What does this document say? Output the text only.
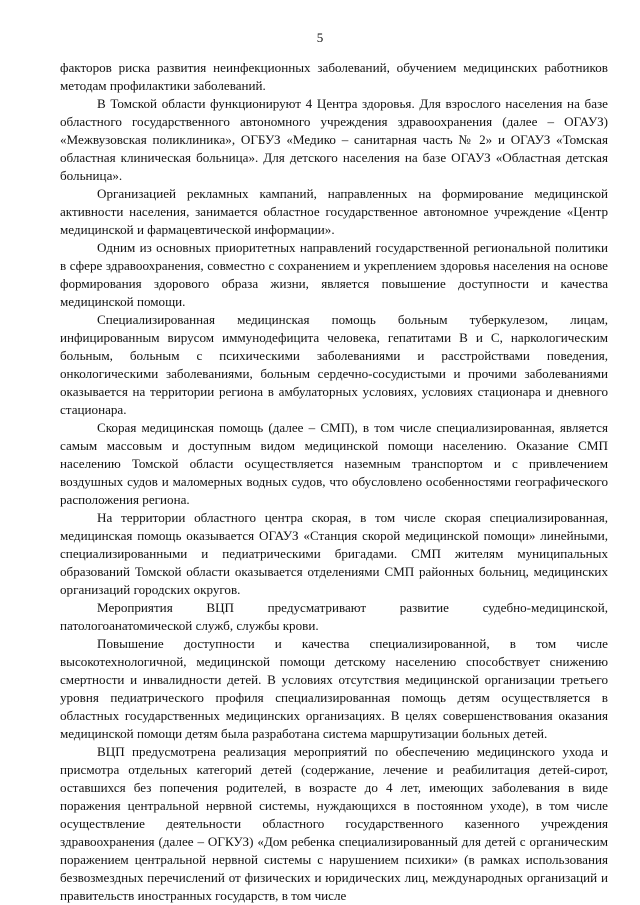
5

факторов риска развития неинфекционных заболеваний, обучением медицинских работников методам профилактики заболеваний.

В Томской области функционируют 4 Центра здоровья. Для взрослого населения на базе областного государственного автономного учреждения здравоохранения (далее – ОГАУЗ) «Межвузовская поликлиника», ОГБУЗ «Медико – санитарная часть № 2» и ОГАУЗ «Томская областная клиническая больница». Для детского населения на базе ОГАУЗ «Областная детская больница».

Организацией рекламных кампаний, направленных на формирование медицинской активности населения, занимается областное государственное автономное учреждение «Центр медицинской и фармацевтической информации».

Одним из основных приоритетных направлений государственной региональной политики в сфере здравоохранения, совместно с сохранением и укреплением здоровья населения на основе формирования здорового образа жизни, является повышение доступности и качества медицинской помощи.

Специализированная медицинская помощь больным туберкулезом, лицам, инфицированным вирусом иммунодефицита человека, гепатитами В и С, наркологическим больным, больным с психическими заболеваниями и расстройствами поведения, онкологическими заболеваниями, больным сердечно-сосудистыми и прочими заболеваниями оказывается на территории региона в амбулаторных условиях, условиях стационара и дневного стационара.

Скорая медицинская помощь (далее – СМП), в том числе специализированная, является самым массовым и доступным видом медицинской помощи населению. Оказание СМП населению Томской области осуществляется наземным транспортом и с привлечением воздушных судов и маломерных водных судов, что обусловлено особенностями географического расположения региона.

На территории областного центра скорая, в том числе скорая специализированная, медицинская помощь оказывается ОГАУЗ «Станция скорой медицинской помощи» линейными, специализированными и педиатрическими бригадами. СМП жителям муниципальных образований Томской области оказывается отделениями СМП районных больниц, медицинских организаций городских округов.

Мероприятия ВЦП предусматривают развитие судебно-медицинской, патологоанатомической служб, службы крови.

Повышение доступности и качества специализированной, в том числе высокотехнологичной, медицинской помощи детскому населению способствует снижению смертности и инвалидности детей. В условиях отсутствия медицинской организации третьего уровня педиатрического профиля специализированная помощь детям осуществляется в областных государственных медицинских организациях. В целях совершенствования оказания медицинской помощи детям была разработана система маршрутизации больных детей.

ВЦП предусмотрена реализация мероприятий по обеспечению медицинского ухода и присмотра отдельных категорий детей (содержание, лечение и реабилитация детей-сирот, оставшихся без попечения родителей, в возрасте до 4 лет, имеющих заболевания в виде поражения центральной нервной системы, нуждающихся в постоянном уходе), в том числе осуществление деятельности областного государственного казенного учреждения здравоохранения (далее – ОГКУЗ) «Дом ребенка специализированный для детей с органическим поражением центральной нервной системы с нарушением психики» (в рамках использования безвозмездных перечислений от физических и юридических лиц, международных организаций и правительств иностранных государств, в том числе
